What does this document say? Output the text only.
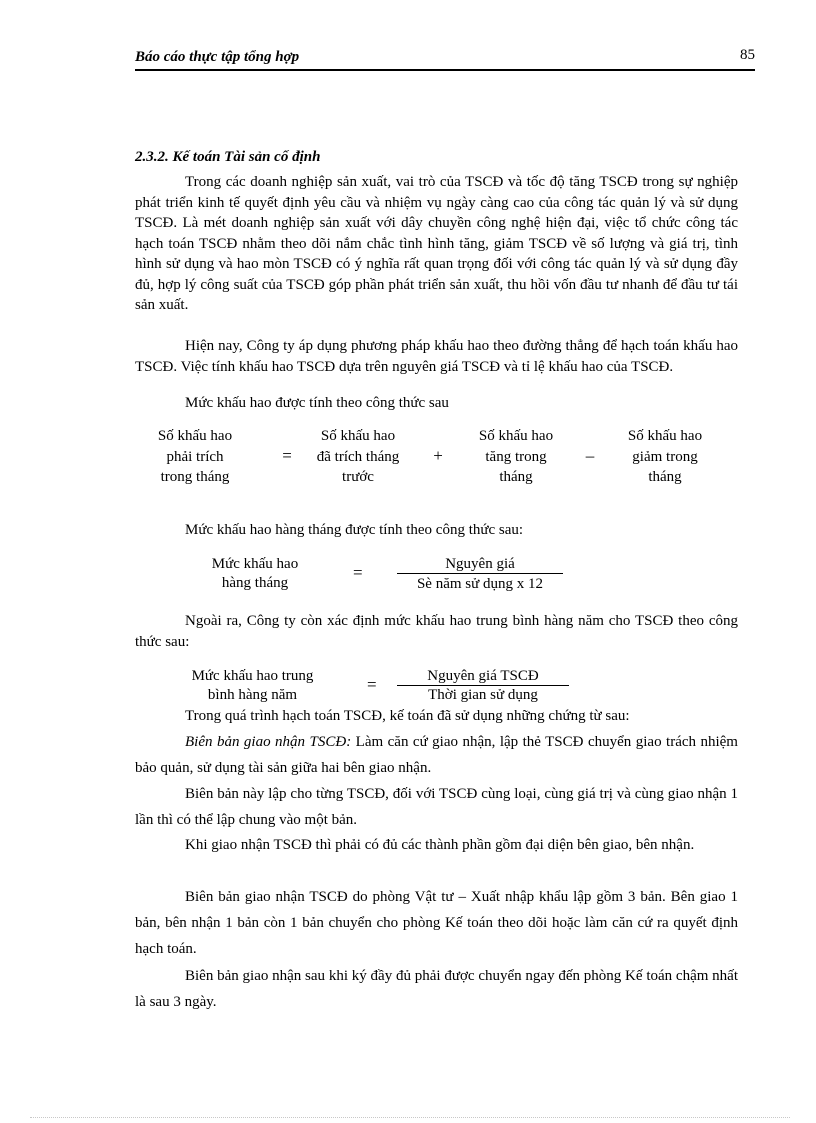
Báo cáo thực tập tổng hợp	85
2.3.2. Kế toán Tài sản cố định

Trong các doanh nghiệp sản xuất, vai trò của TSCĐ và tốc độ tăng TSCĐ trong sự nghiệp phát triển kinh tế quyết định yêu cầu và nhiệm vụ ngày càng cao của công tác quản lý và sử dụng TSCĐ. Là mét doanh nghiệp sản xuất với dây chuyền công nghệ hiện đại, việc tổ chức công tác hạch toán TSCĐ nhằm theo dõi nắm chắc tình hình tăng, giảm TSCĐ về số lượng và giá trị, tình hình sử dụng và hao mòn TSCĐ có ý nghĩa rất quan trọng đối với công tác quản lý và sử dụng đầy đủ, hợp lý công suất của TSCĐ góp phần phát triển sản xuất, thu hồi vốn đầu tư nhanh để đầu tư tái sản xuất.

Hiện nay, Công ty áp dụng phương pháp khấu hao theo đường thẳng để hạch toán khấu hao TSCĐ. Việc tính khấu hao TSCĐ dựa trên nguyên giá TSCĐ và tỉ lệ khấu hao của TSCĐ.

Mức khấu hao được tính theo công thức sau

Số khấu hao
phải trích
trong tháng
=
Số khấu hao
đã trích tháng
trước
+
Số khấu hao
tăng trong
tháng
–
Số khấu hao
giảm trong
tháng

Mức khấu hao hàng tháng được tính theo công thức sau:

Mức khấu hao
hàng tháng
=	Nguyên giá
Sè năm sử dụng x 12

Ngoài ra, Công ty còn xác định mức khấu hao trung bình hàng năm cho TSCĐ theo công thức sau:

Mức khấu hao trung
bình hàng năm
=	Nguyên giá TSCĐ
Thời gian sử dụng

Trong quá trình hạch toán TSCĐ, kế toán đã sử dụng những chứng từ sau:

Biên bản giao nhận TSCĐ: Làm căn cứ giao nhận, lập thẻ TSCĐ chuyển giao trách nhiệm bảo quản, sử dụng tài sản giữa hai bên giao nhận.

Biên bản này lập cho từng TSCĐ, đối với TSCĐ cùng loại, cùng giá trị và cùng giao nhận 1 lần thì có thể lập chung vào một bản.

Khi giao nhận TSCĐ thì phải có đủ các thành phần gồm đại diện bên giao, bên nhận.

Biên bản giao nhận TSCĐ do phòng Vật tư – Xuất nhập khẩu lập gồm 3 bản. Bên giao 1 bản, bên nhận 1 bản còn 1 bản chuyển cho phòng Kế toán theo dõi hoặc làm căn cứ ra quyết định hạch toán.

Biên bản giao nhận sau khi ký đầy đủ phải được chuyển ngay đến phòng Kế toán chậm nhất là sau 3 ngày.
